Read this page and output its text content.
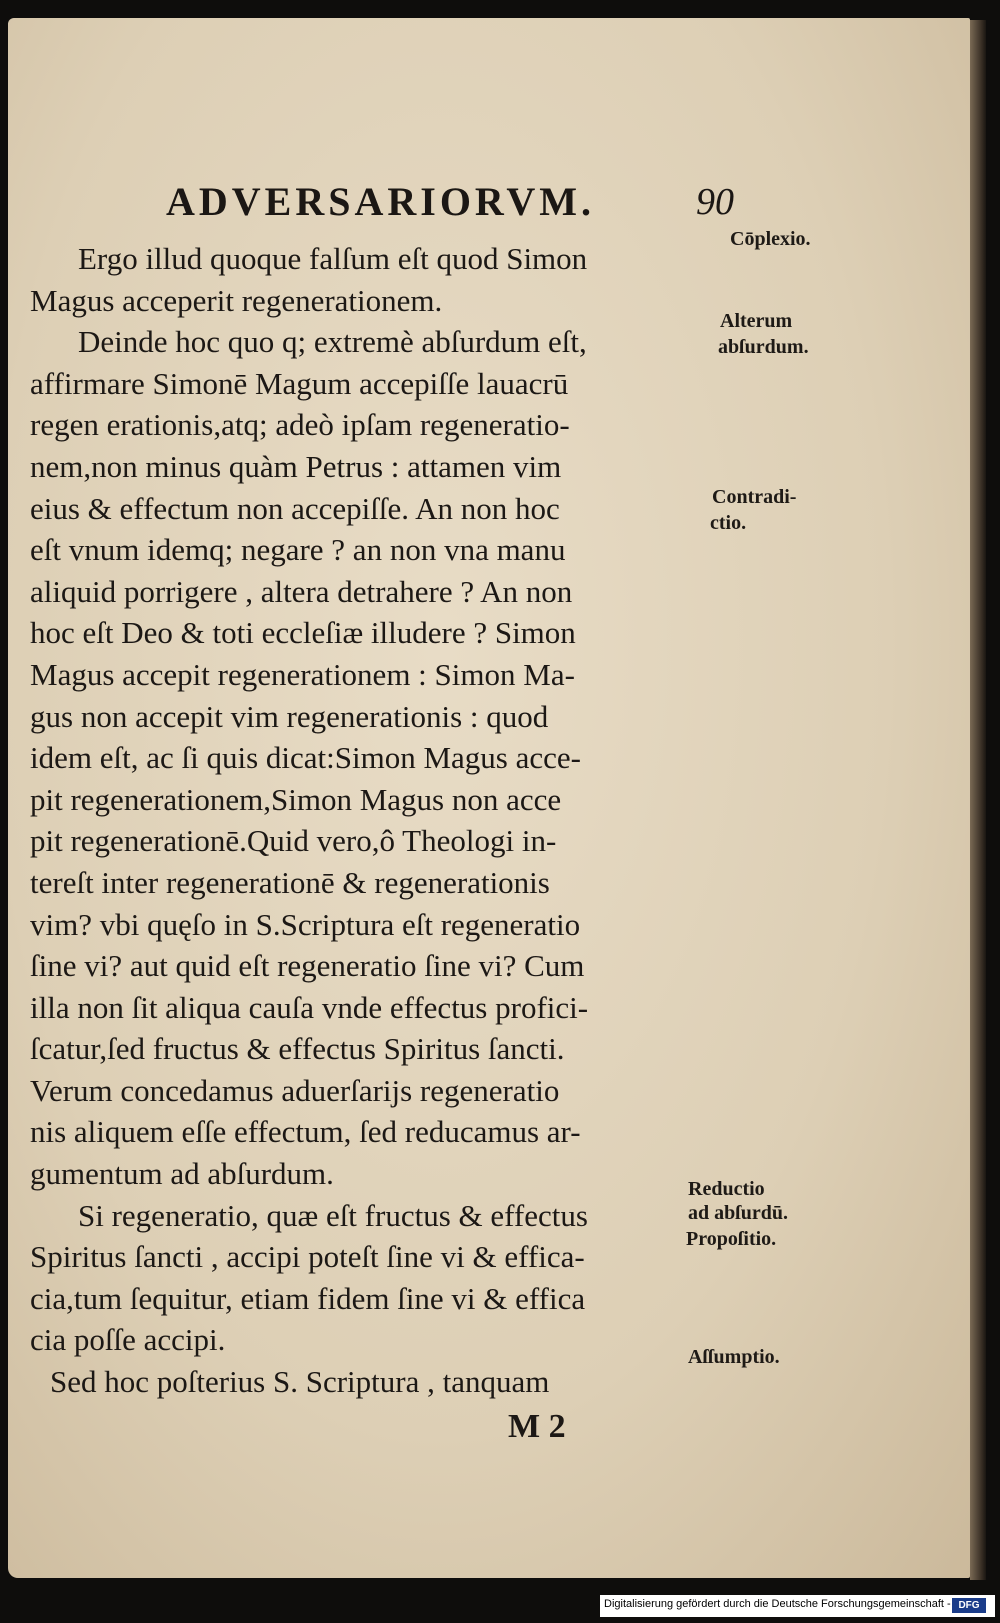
ADVERSARIORVM.	90
Ergo illud quoque falſum eſt quod Simon
Magus acceperit regenerationem.
Deinde hoc quo q; extremè abſurdum eſt,
affirmare Simonē Magum accepiſſe lauacrū
regen erationis,atq; adeò ipſam regeneratio-
nem,non minus quàm Petrus : attamen vim
eius & effectum non accepiſſe. An non hoc
eſt vnum idemq; negare ? an non vna manu
aliquid porrigere , altera detrahere ? An non
hoc eſt Deo & toti eccleſiæ illudere ? Simon
Magus accepit regenerationem : Simon Ma-
gus non accepit vim regenerationis : quod
idem eſt, ac ſi quis dicat:Simon Magus acce-
pit regenerationem,Simon Magus non acce
pit regenerationē.Quid vero,ô Theologi in-
tereſt inter regenerationē & regenerationis
vim? vbi quęſo in S.Scriptura eſt regeneratio
ſine vi? aut quid eſt regeneratio ſine vi? Cum
illa non ſit aliqua cauſa vnde effectus profici-
ſcatur,ſed fructus & effectus Spiritus ſancti.
Verum concedamus aduerſarijs regeneratio
nis aliquem eſſe effectum, ſed reducamus ar-
gumentum ad abſurdum.
Si regeneratio, quæ eſt fructus & effectus
Spiritus ſancti , accipi poteſt ſine vi & effica-
cia,tum ſequitur, etiam fidem ſine vi & effica
cia poſſe accipi.
Sed hoc poſterius S. Scriptura , tanquam
Cōplexio.
Alterum
abſurdum.
Contradi-
ctio.
Reductio
ad abſurdū.
Propoſitio.
Aſſumptio.
M 2
Digitalisierung gefördert durch die Deutsche Forschungsgemeinschaft - DFG
